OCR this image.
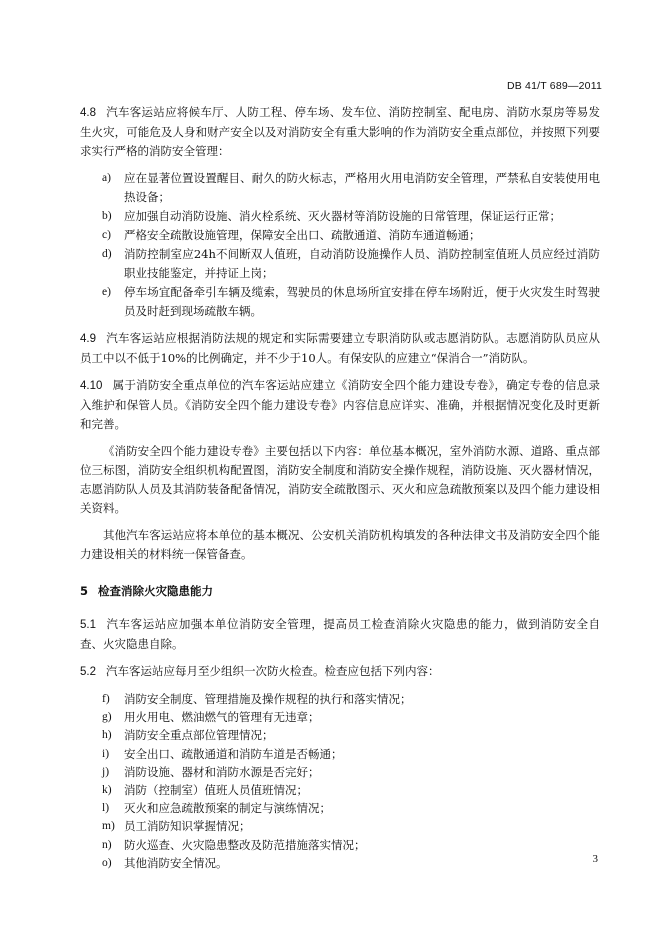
DB 41/T 689—2011

4.8 汽车客运站应将候车厅、人防工程、停车场、发车位、消防控制室、配电房、消防水泵房等易发生火灾，可能危及人身和财产安全以及对消防安全有重大影响的作为消防安全重点部位，并按照下列要求实行严格的消防安全管理：

a) 应在显著位置设置醒目、耐久的防火标志，严格用火用电消防安全管理，严禁私自安装使用电热设备；
b) 应加强自动消防设施、消火栓系统、灭火器材等消防设施的日常管理，保证运行正常；
c) 严格安全疏散设施管理，保障安全出口、疏散通道、消防车通道畅通；
d) 消防控制室应24h不间断双人值班，自动消防设施操作人员、消防控制室值班人员应经过消防职业技能鉴定，并持证上岗；
e) 停车场宜配备牵引车辆及缆索，驾驶员的休息场所宜安排在停车场附近，便于火灾发生时驾驶员及时赶到现场疏散车辆。

4.9 汽车客运站应根据消防法规的规定和实际需要建立专职消防队或志愿消防队。志愿消防队员应从员工中以不低于10%的比例确定，并不少于10人。有保安队的应建立“保消合一”消防队。

4.10 属于消防安全重点单位的汽车客运站应建立《消防安全四个能力建设专卷》，确定专卷的信息录入维护和保管人员。《消防安全四个能力建设专卷》内容信息应详实、准确，并根据情况变化及时更新和完善。

《消防安全四个能力建设专卷》主要包括以下内容：单位基本概况，室外消防水源、道路、重点部位三标图，消防安全组织机构配置图，消防安全制度和消防安全操作规程，消防设施、灭火器材情况，志愿消防队人员及其消防装备配备情况，消防安全疏散图示、灭火和应急疏散预案以及四个能力建设相关资料。

其他汽车客运站应将本单位的基本概况、公安机关消防机构填发的各种法律文书及消防安全四个能力建设相关的材料统一保管备查。

5 检查消除火灾隐患能力

5.1 汽车客运站应加强本单位消防安全管理，提高员工检查消除火灾隐患的能力，做到消防安全自查、火灾隐患自除。

5.2 汽车客运站应每月至少组织一次防火检查。检查应包括下列内容：

f) 消防安全制度、管理措施及操作规程的执行和落实情况；
g) 用火用电、燃油燃气的管理有无违章；
h) 消防安全重点部位管理情况；
i) 安全出口、疏散通道和消防车道是否畅通；
j) 消防设施、器材和消防水源是否完好；
k) 消防（控制室）值班人员值班情况；
l) 灭火和应急疏散预案的制定与演练情况；
m) 员工消防知识掌握情况；
n) 防火巡查、火灾隐患整改及防范措施落实情况；
o) 其他消防安全情况。	3
